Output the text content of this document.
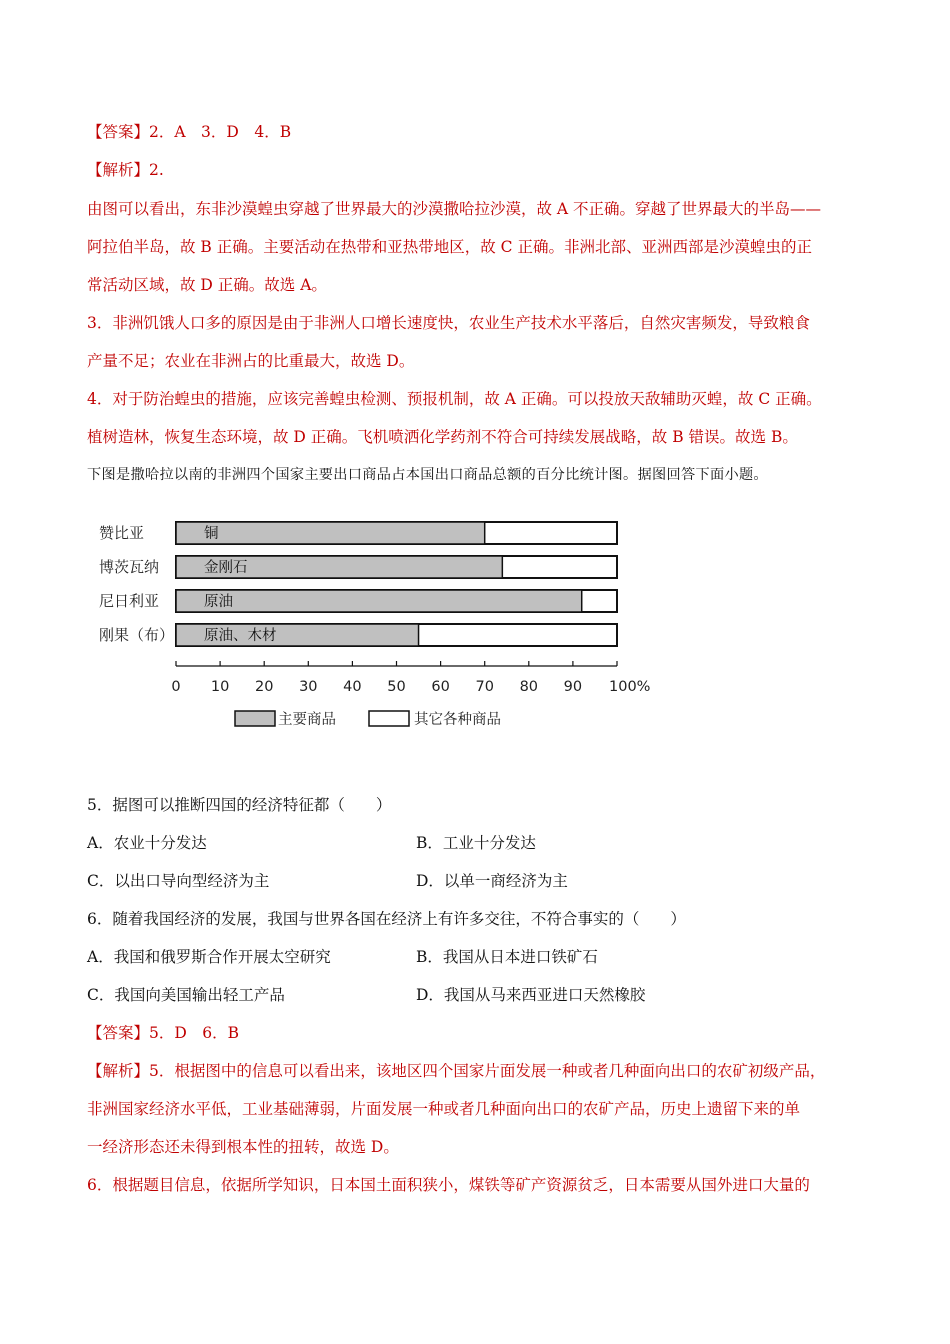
【答案】2．A　3．D　4．B
【解析】2.
由图可以看出，东非沙漠蝗虫穿越了世界最大的沙漠撒哈拉沙漠，故 A 不正确。穿越了世界最大的半岛——
阿拉伯半岛，故 B 正确。主要活动在热带和亚热带地区，故 C 正确。非洲北部、亚洲西部是沙漠蝗虫的正
常活动区域，故 D 正确。故选 A。
3．非洲饥饿人口多的原因是由于非洲人口增长速度快，农业生产技术水平落后，自然灾害频发，导致粮食
产量不足；农业在非洲占的比重最大，故选 D。
4．对于防治蝗虫的措施，应该完善蝗虫检测、预报机制，故 A 正确。可以投放天敌辅助灭蝗，故 C 正确。
植树造林，恢复生态环境，故 D 正确。飞机喷洒化学药剂不符合可持续发展战略，故 B 错误。故选 B。
下图是撒哈拉以南的非洲四个国家主要出口商品占本国出口商品总额的百分比统计图。据图回答下面小题。
铜
金刚石
原油
原油、木材
赞比亚
博茨瓦纳
尼日利亚
刚果（布）
0 10 20 30 40 50 60 70 80 90 100%
主要商品	其它各种商品
5．据图可以推断四国的经济特征都（　　）
A．农业十分发达	B．工业十分发达
C．以出口导向型经济为主	D．以单一商经济为主
6．随着我国经济的发展，我国与世界各国在经济上有许多交往，不符合事实的（　　）
A．我国和俄罗斯合作开展太空研究	B．我国从日本进口铁矿石
C．我国向美国输出轻工产品	D．我国从马来西亚进口天然橡胶
【答案】5．D　6．B
【解析】5．根据图中的信息可以看出来，该地区四个国家片面发展一种或者几种面向出口的农矿初级产品，
非洲国家经济水平低，工业基础薄弱，片面发展一种或者几种面向出口的农矿产品，历史上遗留下来的单
一经济形态还未得到根本性的扭转，故选 D。
6．根据题目信息，依据所学知识，日本国土面积狭小，煤铁等矿产资源贫乏，日本需要从国外进口大量的
